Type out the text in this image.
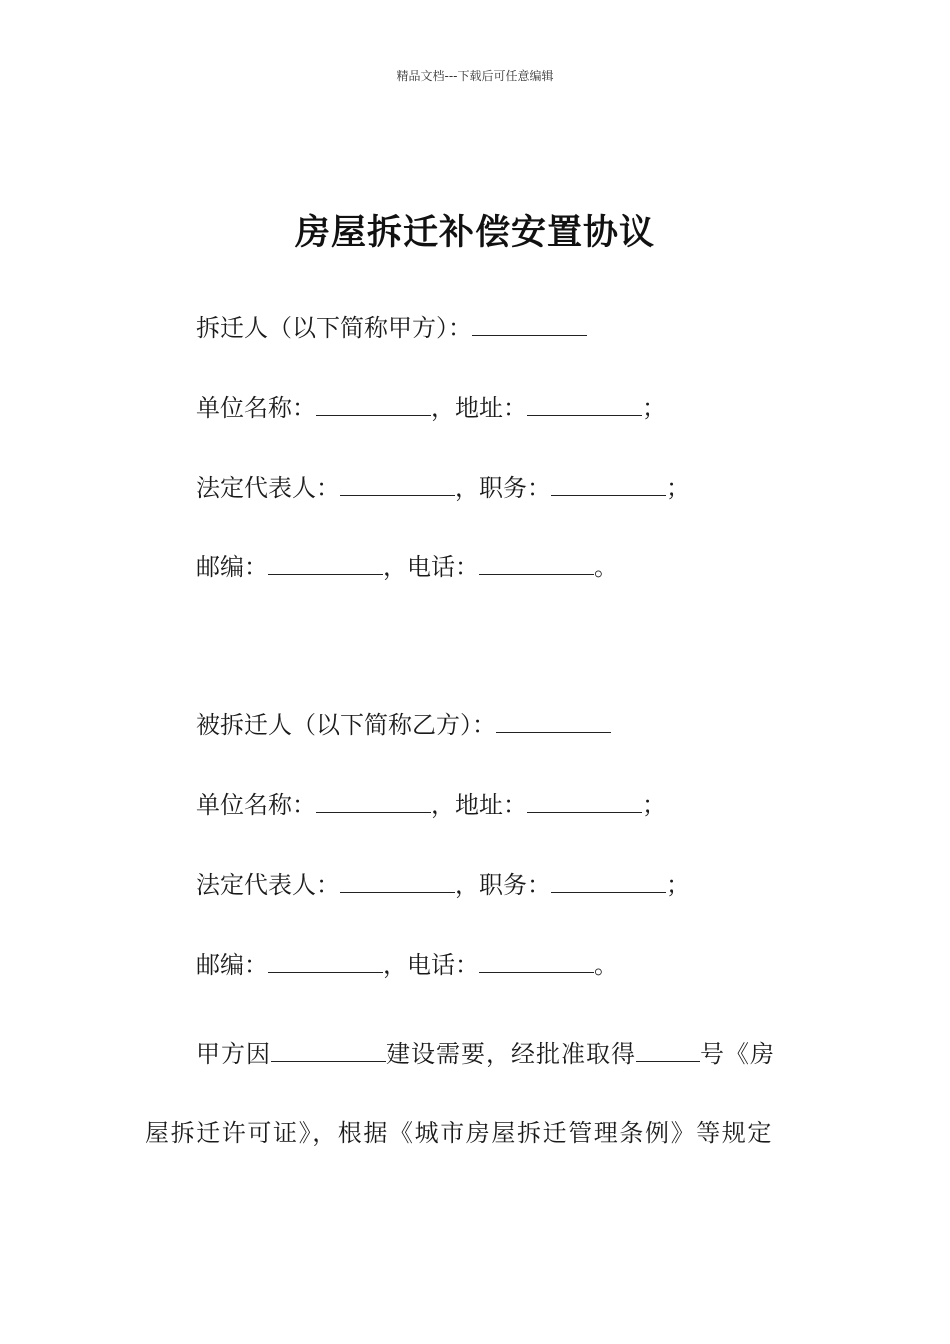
精品文档---下载后可任意编辑
房屋拆迁补偿安置协议
拆迁人（以下简称甲方）：
单位名称：	，地址：	；
法定代表人：	，职务：	；
邮编：	，电话：	。
被拆迁人（以下简称乙方）：
单位名称：	，地址：	；
法定代表人：	，职务：	；
邮编：	，电话：	。
甲方因	建设需要，经批准取得	号《房
屋拆迁许可证》，根据《城市房屋拆迁管理条例》等规定
